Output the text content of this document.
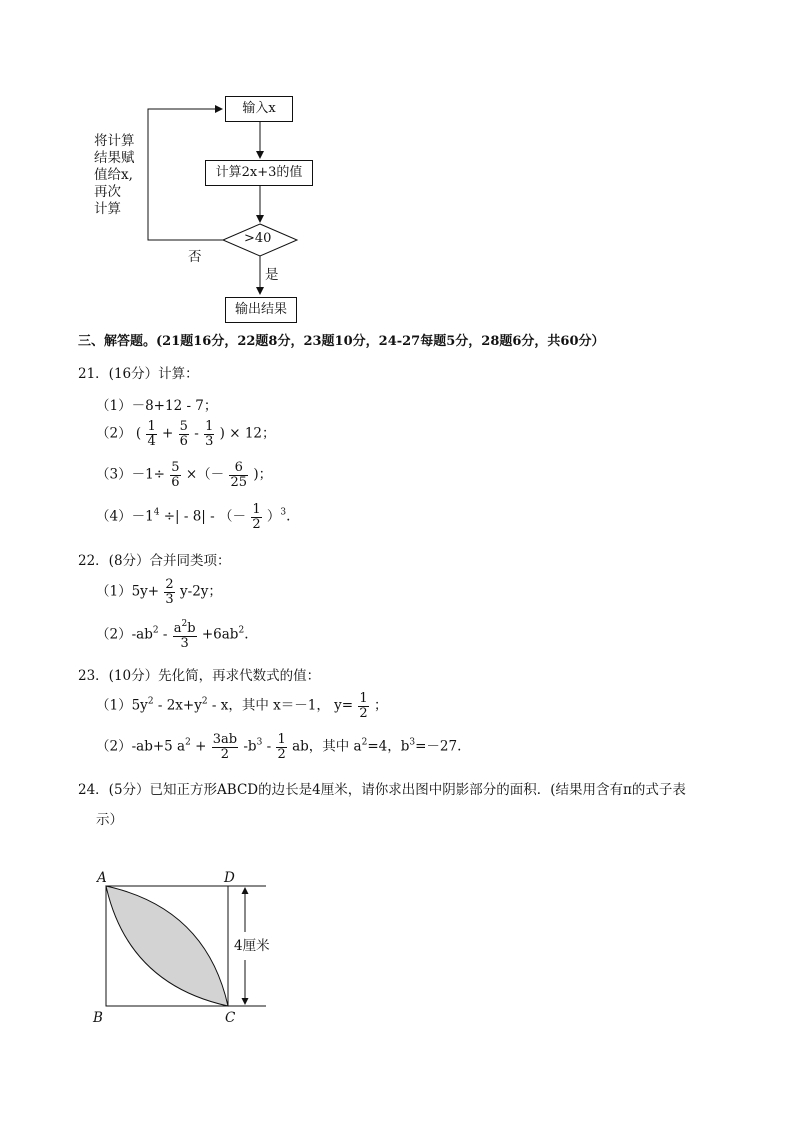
输入x
计算2x+3的值
>40
输出结果
将计算
结果赋
值给x,
再次
计算
否
是
三、解答题。(21题16分，22题8分，23题10分，24-27每题5分，28题6分，共60分）
21．(16分）计算：
（1）－8+12 - 7；
（2） ( $\frac{1}{4} + \frac{5}{6} - \frac{1}{3}$ ) × 12；
$(3)-1\div \frac{5}{6}$ ×（－ $\frac{6}{25}$ )；
$(4)-1^4$ ÷| - 8| - （－ $\frac{1}{2} )^3$.
22．(8分）合并同类项：
$(1)5y+ \frac{2}{3} y-2y$；
$(2)-ab^2 - \frac{a^2b}{3} +6ab^2$.
23．(10分）先化简，再求代数式的值：
$(1)5y^2 - 2x+y^2 - x$，其中 x＝－1， $y= \frac{1}{2}$ ；
（2）-ab+5 $a^2 + \frac{3ab}{2} -b^3 - \frac{1}{2}$ ab，其中 $a^2=4$，$b^3=-27$.
24．(5分）已知正方形ABCD的边长是4厘米，请你求出图中阴影部分的面积．(结果用含有π的式子表
示）
A	D
B	C
4厘米
